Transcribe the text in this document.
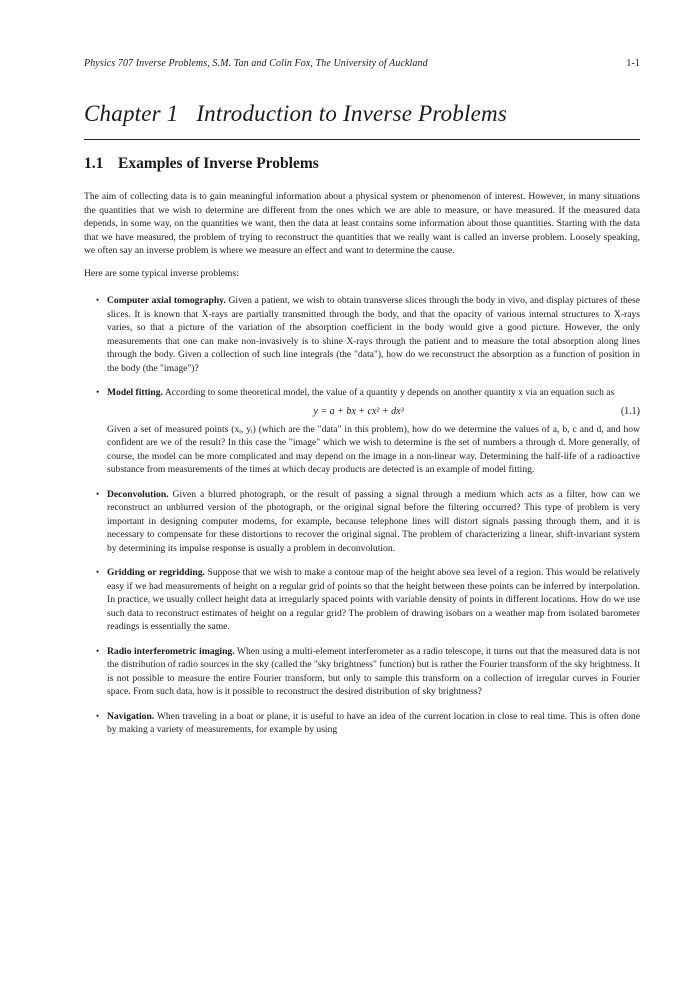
Physics 707 Inverse Problems, S.M. Tan and Colin Fox, The University of Auckland	1-1
Chapter 1 Introduction to Inverse Problems
1.1 Examples of Inverse Problems

The aim of collecting data is to gain meaningful information about a physical system or phenomenon of interest. However, in many situations the quantities that we wish to determine are different from the ones which we are able to measure, or have measured. If the measured data depends, in some way, on the quantities we want, then the data at least contains some information about those quantities. Starting with the data that we have measured, the problem of trying to reconstruct the quantities that we really want is called an inverse problem. Loosely speaking, we often say an inverse problem is where we measure an effect and want to determine the cause.

Here are some typical inverse problems:

• Computer axial tomography. Given a patient, we wish to obtain transverse slices through the body in vivo, and display pictures of these slices. It is known that X-rays are partially transmitted through the body, and that the opacity of various internal structures to X-rays varies, so that a picture of the variation of the absorption coefficient in the body would give a good picture. However, the only measurements that one can make non-invasively is to shine X-rays through the patient and to measure the total absorption along lines through the body. Given a collection of such line integrals (the "data"), how do we reconstruct the absorption as a function of position in the body (the "image")?

• Model fitting. According to some theoretical model, the value of a quantity y depends on another quantity x via an equation such as

y = a + bx + cx² + dx³	(1.1)

Given a set of measured points (xᵢ, yᵢ) (which are the "data" in this problem), how do we determine the values of a, b, c and d, and how confident are we of the result? In this case the "image" which we wish to determine is the set of numbers a through d. More generally, of course, the model can be more complicated and may depend on the image in a non-linear way. Determining the half-life of a radioactive substance from measurements of the times at which decay products are detected is an example of model fitting.

• Deconvolution. Given a blurred photograph, or the result of passing a signal through a medium which acts as a filter, how can we reconstruct an unblurred version of the photograph, or the original signal before the filtering occurred? This type of problem is very important in designing computer modems, for example, because telephone lines will distort signals passing through them, and it is necessary to compensate for these distortions to recover the original signal. The problem of characterizing a linear, shift-invariant system by determining its impulse response is usually a problem in deconvolution.

• Gridding or regridding. Suppose that we wish to make a contour map of the height above sea level of a region. This would be relatively easy if we had measurements of height on a regular grid of points so that the height between these points can be inferred by interpolation. In practice, we usually collect height data at irregularly spaced points with variable density of points in different locations. How do we use such data to reconstruct estimates of height on a regular grid? The problem of drawing isobars on a weather map from isolated barometer readings is essentially the same.

• Radio interferometric imaging. When using a multi-element interferometer as a radio telescope, it turns out that the measured data is not the distribution of radio sources in the sky (called the "sky brightness" function) but is rather the Fourier transform of the sky brightness. It is not possible to measure the entire Fourier transform, but only to sample this transform on a collection of irregular curves in Fourier space. From such data, how is it possible to reconstruct the desired distribution of sky brightness?

• Navigation. When traveling in a boat or plane, it is useful to have an idea of the current location in close to real time. This is often done by making a variety of measurements, for example by using
